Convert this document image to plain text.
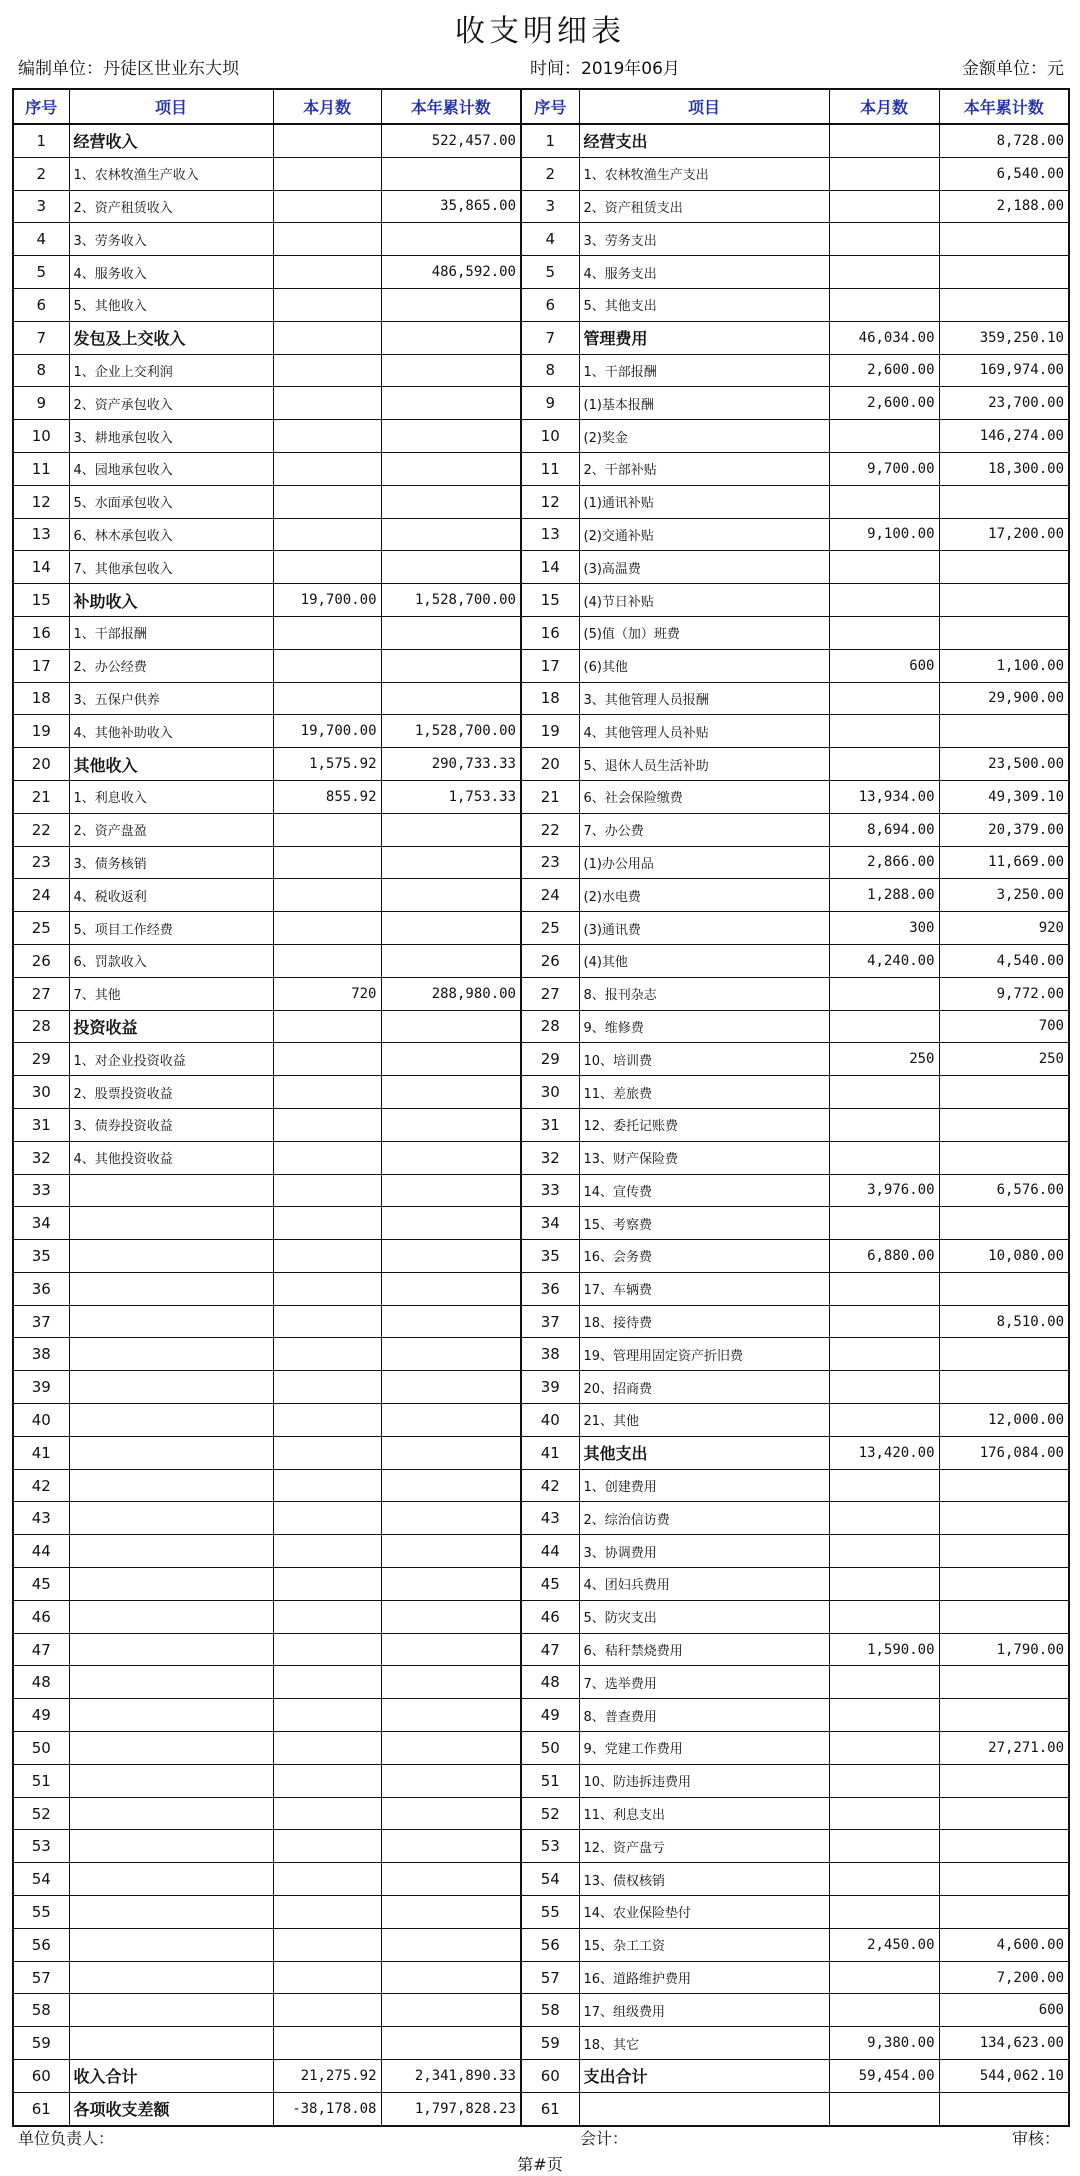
收支明细表
编制单位：丹徒区世业东大坝	时间：2019年06月	金额单位：元
序号	项目	本月数	本年累计数	序号	项目	本月数	本年累计数
1	经营收入		522,457.00	1	经营支出		8,728.00
2	1、农林牧渔生产收入			2	1、农林牧渔生产支出		6,540.00
3	2、资产租赁收入		35,865.00	3	2、资产租赁支出		2,188.00
4	3、劳务收入			4	3、劳务支出		
5	4、服务收入		486,592.00	5	4、服务支出		
6	5、其他收入			6	5、其他支出		
7	发包及上交收入			7	管理费用	46,034.00	359,250.10
8	1、企业上交利润			8	1、干部报酬	2,600.00	169,974.00
9	2、资产承包收入			9	(1)基本报酬	2,600.00	23,700.00
10	3、耕地承包收入			10	(2)奖金		146,274.00
11	4、园地承包收入			11	2、干部补贴	9,700.00	18,300.00
12	5、水面承包收入			12	(1)通讯补贴		
13	6、林木承包收入			13	(2)交通补贴	9,100.00	17,200.00
14	7、其他承包收入			14	(3)高温费		
15	补助收入	19,700.00	1,528,700.00	15	(4)节日补贴		
16	1、干部报酬			16	(5)值（加）班费		
17	2、办公经费			17	(6)其他	600	1,100.00
18	3、五保户供养			18	3、其他管理人员报酬		29,900.00
19	4、其他补助收入	19,700.00	1,528,700.00	19	4、其他管理人员补贴		
20	其他收入	1,575.92	290,733.33	20	5、退休人员生活补助		23,500.00
21	1、利息收入	855.92	1,753.33	21	6、社会保险缴费	13,934.00	49,309.10
22	2、资产盘盈			22	7、办公费	8,694.00	20,379.00
23	3、债务核销			23	(1)办公用品	2,866.00	11,669.00
24	4、税收返利			24	(2)水电费	1,288.00	3,250.00
25	5、项目工作经费			25	(3)通讯费	300	920
26	6、罚款收入			26	(4)其他	4,240.00	4,540.00
27	7、其他	720	288,980.00	27	8、报刊杂志		9,772.00
28	投资收益			28	9、维修费		700
29	1、对企业投资收益			29	10、培训费	250	250
30	2、股票投资收益			30	11、差旅费		
31	3、债券投资收益			31	12、委托记账费		
32	4、其他投资收益			32	13、财产保险费		
33				33	14、宣传费	3,976.00	6,576.00
34				34	15、考察费		
35				35	16、会务费	6,880.00	10,080.00
36				36	17、车辆费		
37				37	18、接待费		8,510.00
38				38	19、管理用固定资产折旧费		
39				39	20、招商费		
40				40	21、其他		12,000.00
41				41	其他支出	13,420.00	176,084.00
42				42	1、创建费用		
43				43	2、综治信访费		
44				44	3、协调费用		
45				45	4、团妇兵费用		
46				46	5、防灾支出		
47				47	6、秸秆禁烧费用	1,590.00	1,790.00
48				48	7、选举费用		
49				49	8、普查费用		
50				50	9、党建工作费用		27,271.00
51				51	10、防违拆违费用		
52				52	11、利息支出		
53				53	12、资产盘亏		
54				54	13、债权核销		
55				55	14、农业保险垫付		
56				56	15、杂工工资	2,450.00	4,600.00
57				57	16、道路维护费用		7,200.00
58				58	17、组级费用		600
59				59	18、其它	9,380.00	134,623.00
60	收入合计	21,275.92	2,341,890.33	60	支出合计	59,454.00	544,062.10
61	各项收支差额	-38,178.08	1,797,828.23	61			
单位负责人：	会计：	审核：
第#页
